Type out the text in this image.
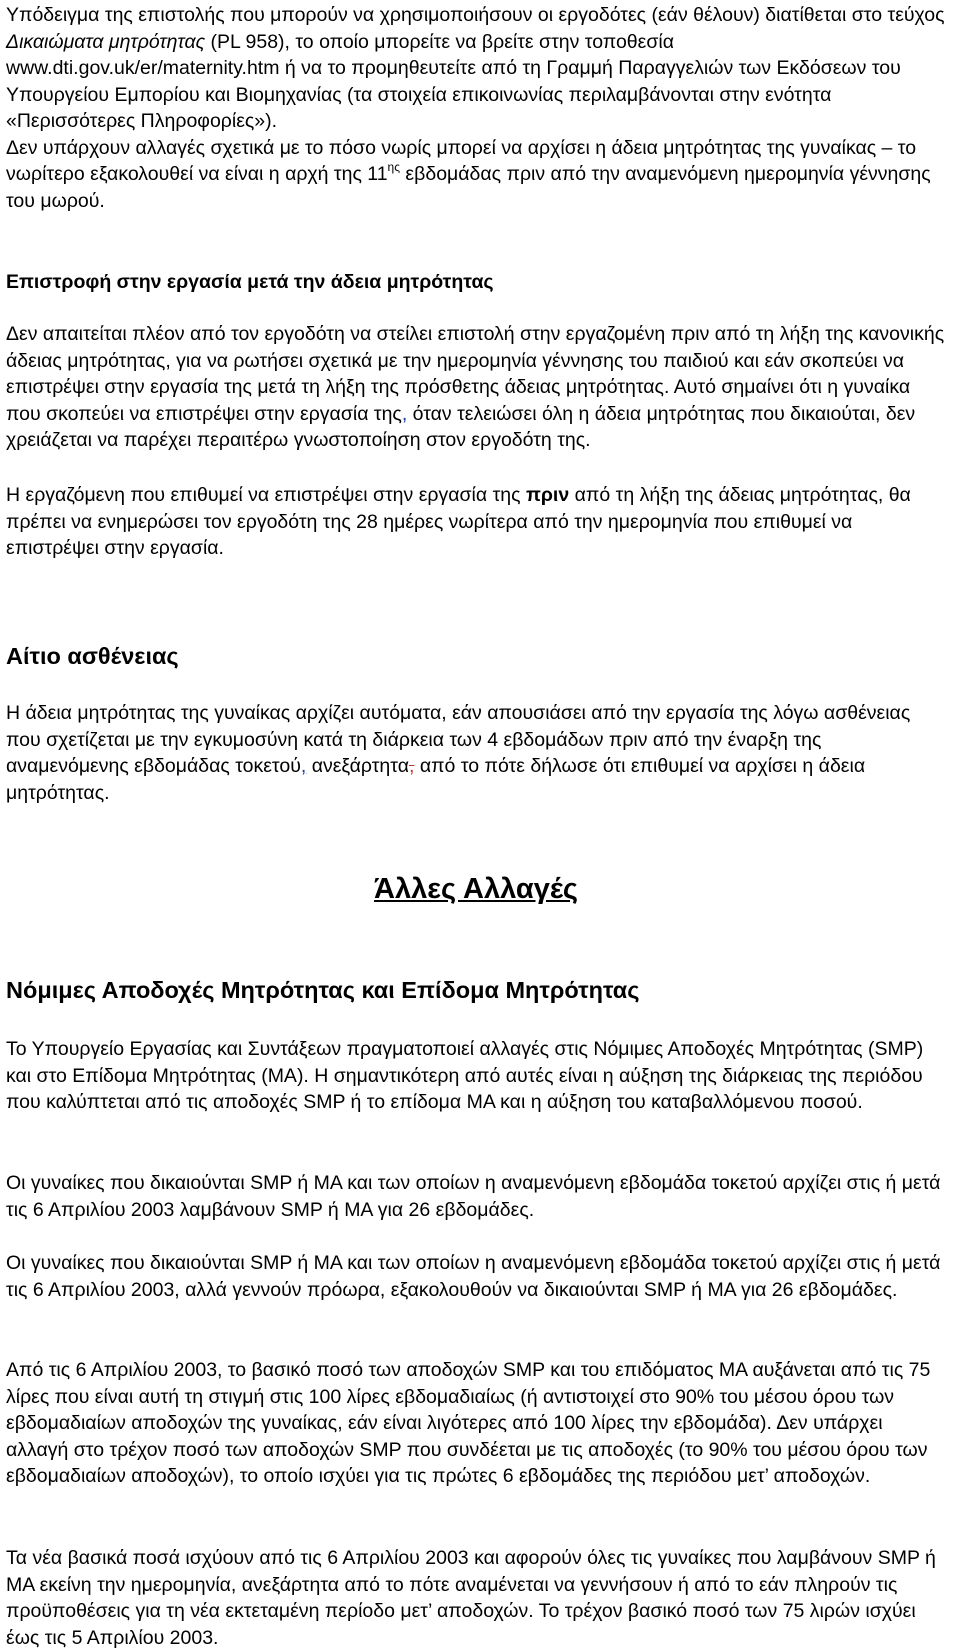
Υπόδειγμα της επιστολής που μπορούν να χρησιμοποιήσουν οι εργοδότες (εάν θέλουν) διατίθεται στο τεύχος Δικαιώματα μητρότητας (PL 958), το οποίο μπορείτε να βρείτε στην τοποθεσία www.dti.gov.uk/er/maternity.htm ή να το προμηθευτείτε από τη Γραμμή Παραγγελιών των Εκδόσεων του Υπουργείου Εμπορίου και Βιομηχανίας (τα στοιχεία επικοινωνίας περιλαμβάνονται στην ενότητα «Περισσότερες Πληροφορίες»).

Δεν υπάρχουν αλλαγές σχετικά με το πόσο νωρίς μπορεί να αρχίσει η άδεια μητρότητας της γυναίκας – το νωρίτερο εξακολουθεί να είναι η αρχή της $11^{\eta\varsigma}$ εβδομάδας πριν από την αναμενόμενη ημερομηνία γέννησης του μωρού.

Επιστροφή στην εργασία μετά την άδεια μητρότητας

Δεν απαιτείται πλέον από τον εργοδότη να στείλει επιστολή στην εργαζομένη πριν από τη λήξη της κανονικής άδειας μητρότητας, για να ρωτήσει σχετικά με την ημερομηνία γέννησης του παιδιού και εάν σκοπεύει να επιστρέψει στην εργασία της μετά τη λήξη της πρόσθετης άδειας μητρότητας. Αυτό σημαίνει ότι η γυναίκα που σκοπεύει να επιστρέψει στην εργασία της, όταν τελειώσει όλη η άδεια μητρότητας που δικαιούται, δεν χρειάζεται να παρέχει περαιτέρω γνωστοποίηση στον εργοδότη της.

Η εργαζόμενη που επιθυμεί να επιστρέψει στην εργασία της πριν από τη λήξη της άδειας μητρότητας, θα πρέπει να ενημερώσει τον εργοδότη της 28 ημέρες νωρίτερα από την ημερομηνία που επιθυμεί να επιστρέψει στην εργασία.

Αίτιο ασθένειας

Η άδεια μητρότητας της γυναίκας αρχίζει αυτόματα, εάν απουσιάσει από την εργασία της λόγω ασθένειας που σχετίζεται με την εγκυμοσύνη κατά τη διάρκεια των 4 εβδομάδων πριν από την έναρξη της αναμενόμενης εβδομάδας τοκετού, ανεξάρτητα, από το πότε δήλωσε ότι επιθυμεί να αρχίσει η άδεια μητρότητας.

Άλλες Αλλαγές
Νόμιμες Αποδοχές Μητρότητας και Επίδομα Μητρότητας

Το Υπουργείο Εργασίας και Συντάξεων πραγματοποιεί αλλαγές στις Νόμιμες Αποδοχές Μητρότητας (SMP) και στο Επίδομα Μητρότητας (MA). Η σημαντικότερη από αυτές είναι η αύξηση της διάρκειας της περιόδου που καλύπτεται από τις αποδοχές SMP ή το επίδομα MA και η αύξηση του καταβαλλόμενου ποσού.

Οι γυναίκες που δικαιούνται SMP ή MA και των οποίων η αναμενόμενη εβδομάδα τοκετού αρχίζει στις ή μετά τις 6 Απριλίου 2003 λαμβάνουν SMP ή MA για 26 εβδομάδες.

Οι γυναίκες που δικαιούνται SMP ή MA και των οποίων η αναμενόμενη εβδομάδα τοκετού αρχίζει στις ή μετά τις 6 Απριλίου 2003, αλλά γεννούν πρόωρα, εξακολουθούν να δικαιούνται SMP ή MA για 26 εβδομάδες.

Από τις 6 Απριλίου 2003, το βασικό ποσό των αποδοχών SMP και του επιδόματος MA αυξάνεται από τις 75 λίρες που είναι αυτή τη στιγμή στις 100 λίρες εβδομαδιαίως (ή αντιστοιχεί στο 90% του μέσου όρου των εβδομαδιαίων αποδοχών της γυναίκας, εάν είναι λιγότερες από 100 λίρες την εβδομάδα). Δεν υπάρχει αλλαγή στο τρέχον ποσό των αποδοχών SMP που συνδέεται με τις αποδοχές (το 90% του μέσου όρου των εβδομαδιαίων αποδοχών), το οποίο ισχύει για τις πρώτες 6 εβδομάδες της περιόδου μετ’ αποδοχών.

Τα νέα βασικά ποσά ισχύουν από τις 6 Απριλίου 2003 και αφορούν όλες τις γυναίκες που λαμβάνουν SMP ή MA εκείνη την ημερομηνία, ανεξάρτητα από το πότε αναμένεται να γεννήσουν ή από το εάν πληρούν τις προϋποθέσεις για τη νέα εκτεταμένη περίοδο μετ’ αποδοχών. Το τρέχον βασικό ποσό των 75 λιρών ισχύει έως τις 5 Απριλίου 2003.
